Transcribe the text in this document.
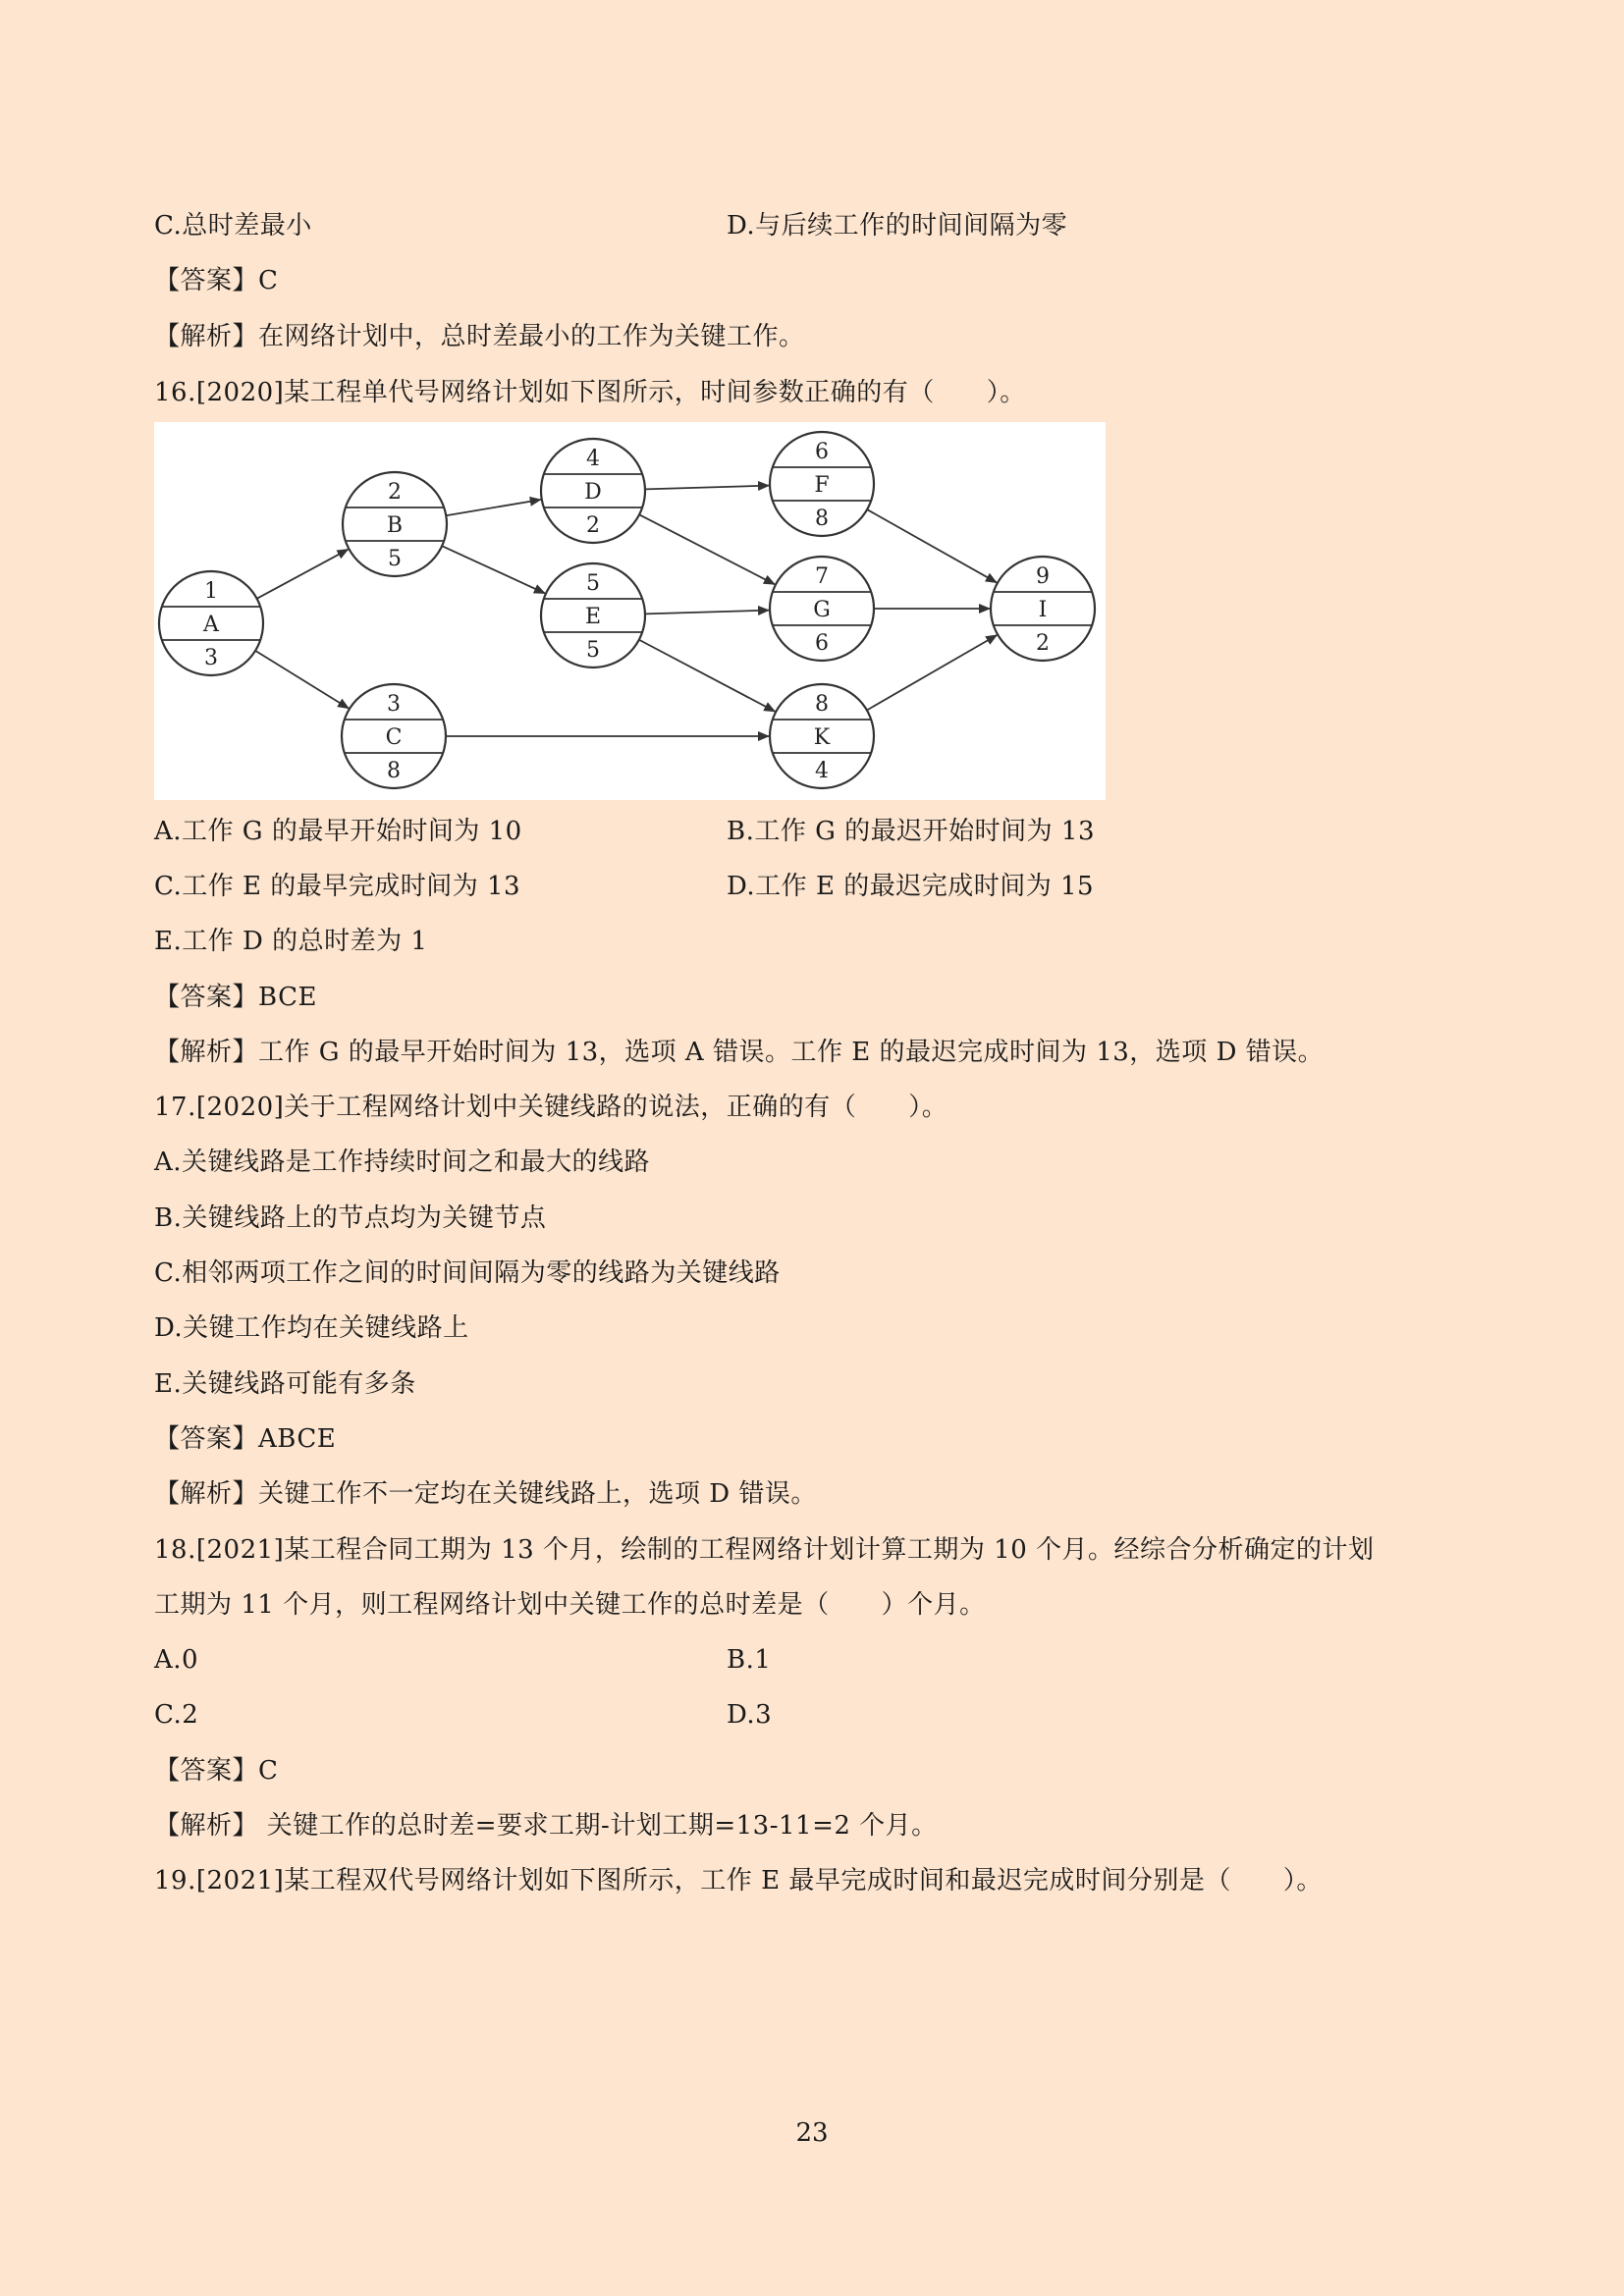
C.总时差最小	D.与后续工作的时间间隔为零
【答案】C
【解析】在网络计划中，总时差最小的工作为关键工作。
16.[2020]某工程单代号网络计划如下图所示，时间参数正确的有（　　）。
1
A
3
2
B
5
3
C
8
4
D
2
5
E
5
6
F
8
7
G
6
8
K
4
9
I
2
A.工作 G 的最早开始时间为 10	B.工作 G 的最迟开始时间为 13
C.工作 E 的最早完成时间为 13	D.工作 E 的最迟完成时间为 15
E.工作 D 的总时差为 1
【答案】BCE
【解析】工作 G 的最早开始时间为 13，选项 A 错误。工作 E 的最迟完成时间为 13，选项 D 错误。
17.[2020]关于工程网络计划中关键线路的说法，正确的有（　　）。
A.关键线路是工作持续时间之和最大的线路
B.关键线路上的节点均为关键节点
C.相邻两项工作之间的时间间隔为零的线路为关键线路
D.关键工作均在关键线路上
E.关键线路可能有多条
【答案】ABCE
【解析】关键工作不一定均在关键线路上，选项 D 错误。
18.[2021]某工程合同工期为 13 个月，绘制的工程网络计划计算工期为 10 个月。经综合分析确定的计划
工期为 11 个月，则工程网络计划中关键工作的总时差是（　　）个月。
A.0	B.1
C.2	D.3
【答案】C
【解析】 关键工作的总时差=要求工期-计划工期=13-11=2 个月。
19.[2021]某工程双代号网络计划如下图所示，工作 E 最早完成时间和最迟完成时间分别是（　　）。
23
